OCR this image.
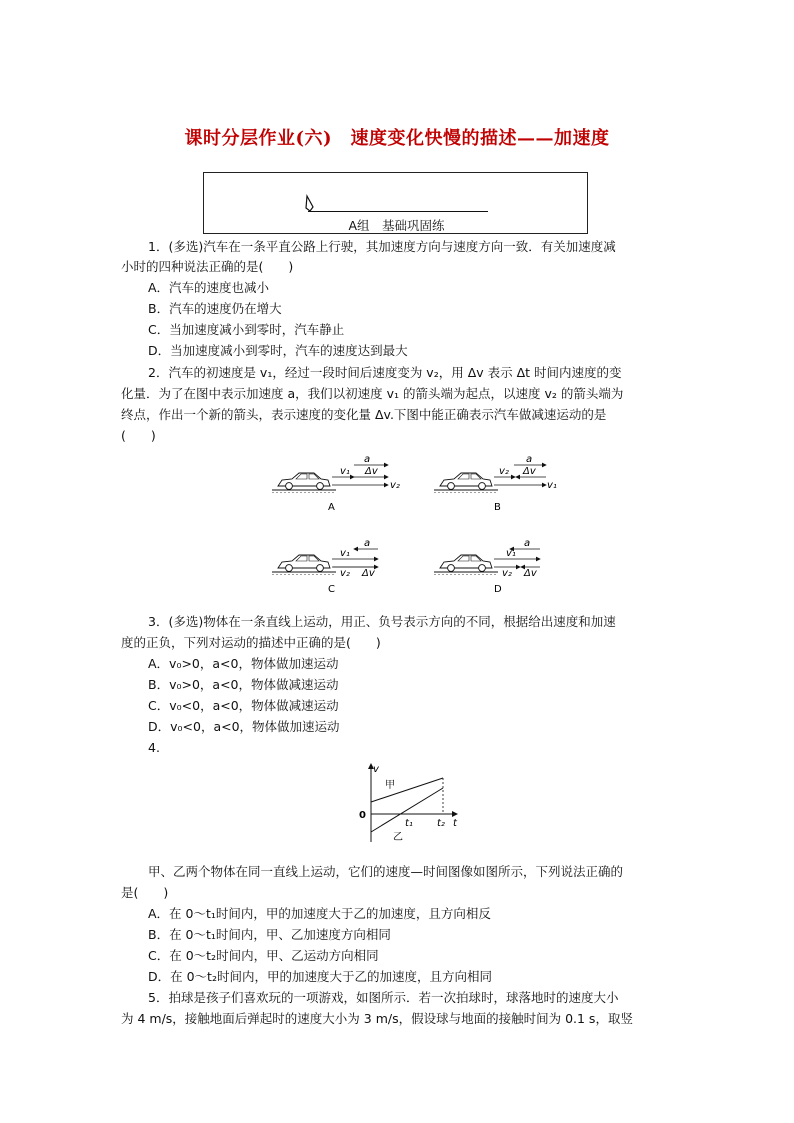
课时分层作业(六)　速度变化快慢的描述——加速度
A组　基础巩固练
1．(多选)汽车在一条平直公路上行驶，其加速度方向与速度方向一致．有关加速度减
小时的四种说法正确的是(　　)
A．汽车的速度也减小
B．汽车的速度仍在增大
C．当加速度减小到零时，汽车静止
D．当加速度减小到零时，汽车的速度达到最大
2．汽车的初速度是 v₁，经过一段时间后速度变为 v₂，用 Δv 表示 Δt 时间内速度的变
化量．为了在图中表示加速度 a，我们以初速度 v₁ 的箭头端为起点，以速度 v₂ 的箭头端为
终点，作出一个新的箭头，表示速度的变化量 Δv.下图中能正确表示汽车做减速运动的是
(　　)
a
v₁ Δv
v₂
A
a
v₂ Δv
v₁
B
a
v₁
v₂ Δv
C
a
v₁
v₂ Δv
D
3．(多选)物体在一条直线上运动，用正、负号表示方向的不同，根据给出速度和加速
度的正负，下列对运动的描述中正确的是(　　)
A．v₀>0，a<0，物体做加速运动
B．v₀>0，a<0，物体做减速运动
C．v₀<0，a<0，物体做减速运动
D．v₀<0，a<0，物体做加速运动
4.
v
t
0
甲
乙
t₁ t₂
甲、乙两个物体在同一直线上运动，它们的速度—时间图像如图所示，下列说法正确的
是(　　)
A．在 0～t₁时间内，甲的加速度大于乙的加速度，且方向相反
B．在 0～t₁时间内，甲、乙加速度方向相同
C．在 0～t₂时间内，甲、乙运动方向相同
D．在 0～t₂时间内，甲的加速度大于乙的加速度，且方向相同
5．拍球是孩子们喜欢玩的一项游戏，如图所示．若一次拍球时，球落地时的速度大小
为 4 m/s，接触地面后弹起时的速度大小为 3 m/s，假设球与地面的接触时间为 0.1 s，取竖
